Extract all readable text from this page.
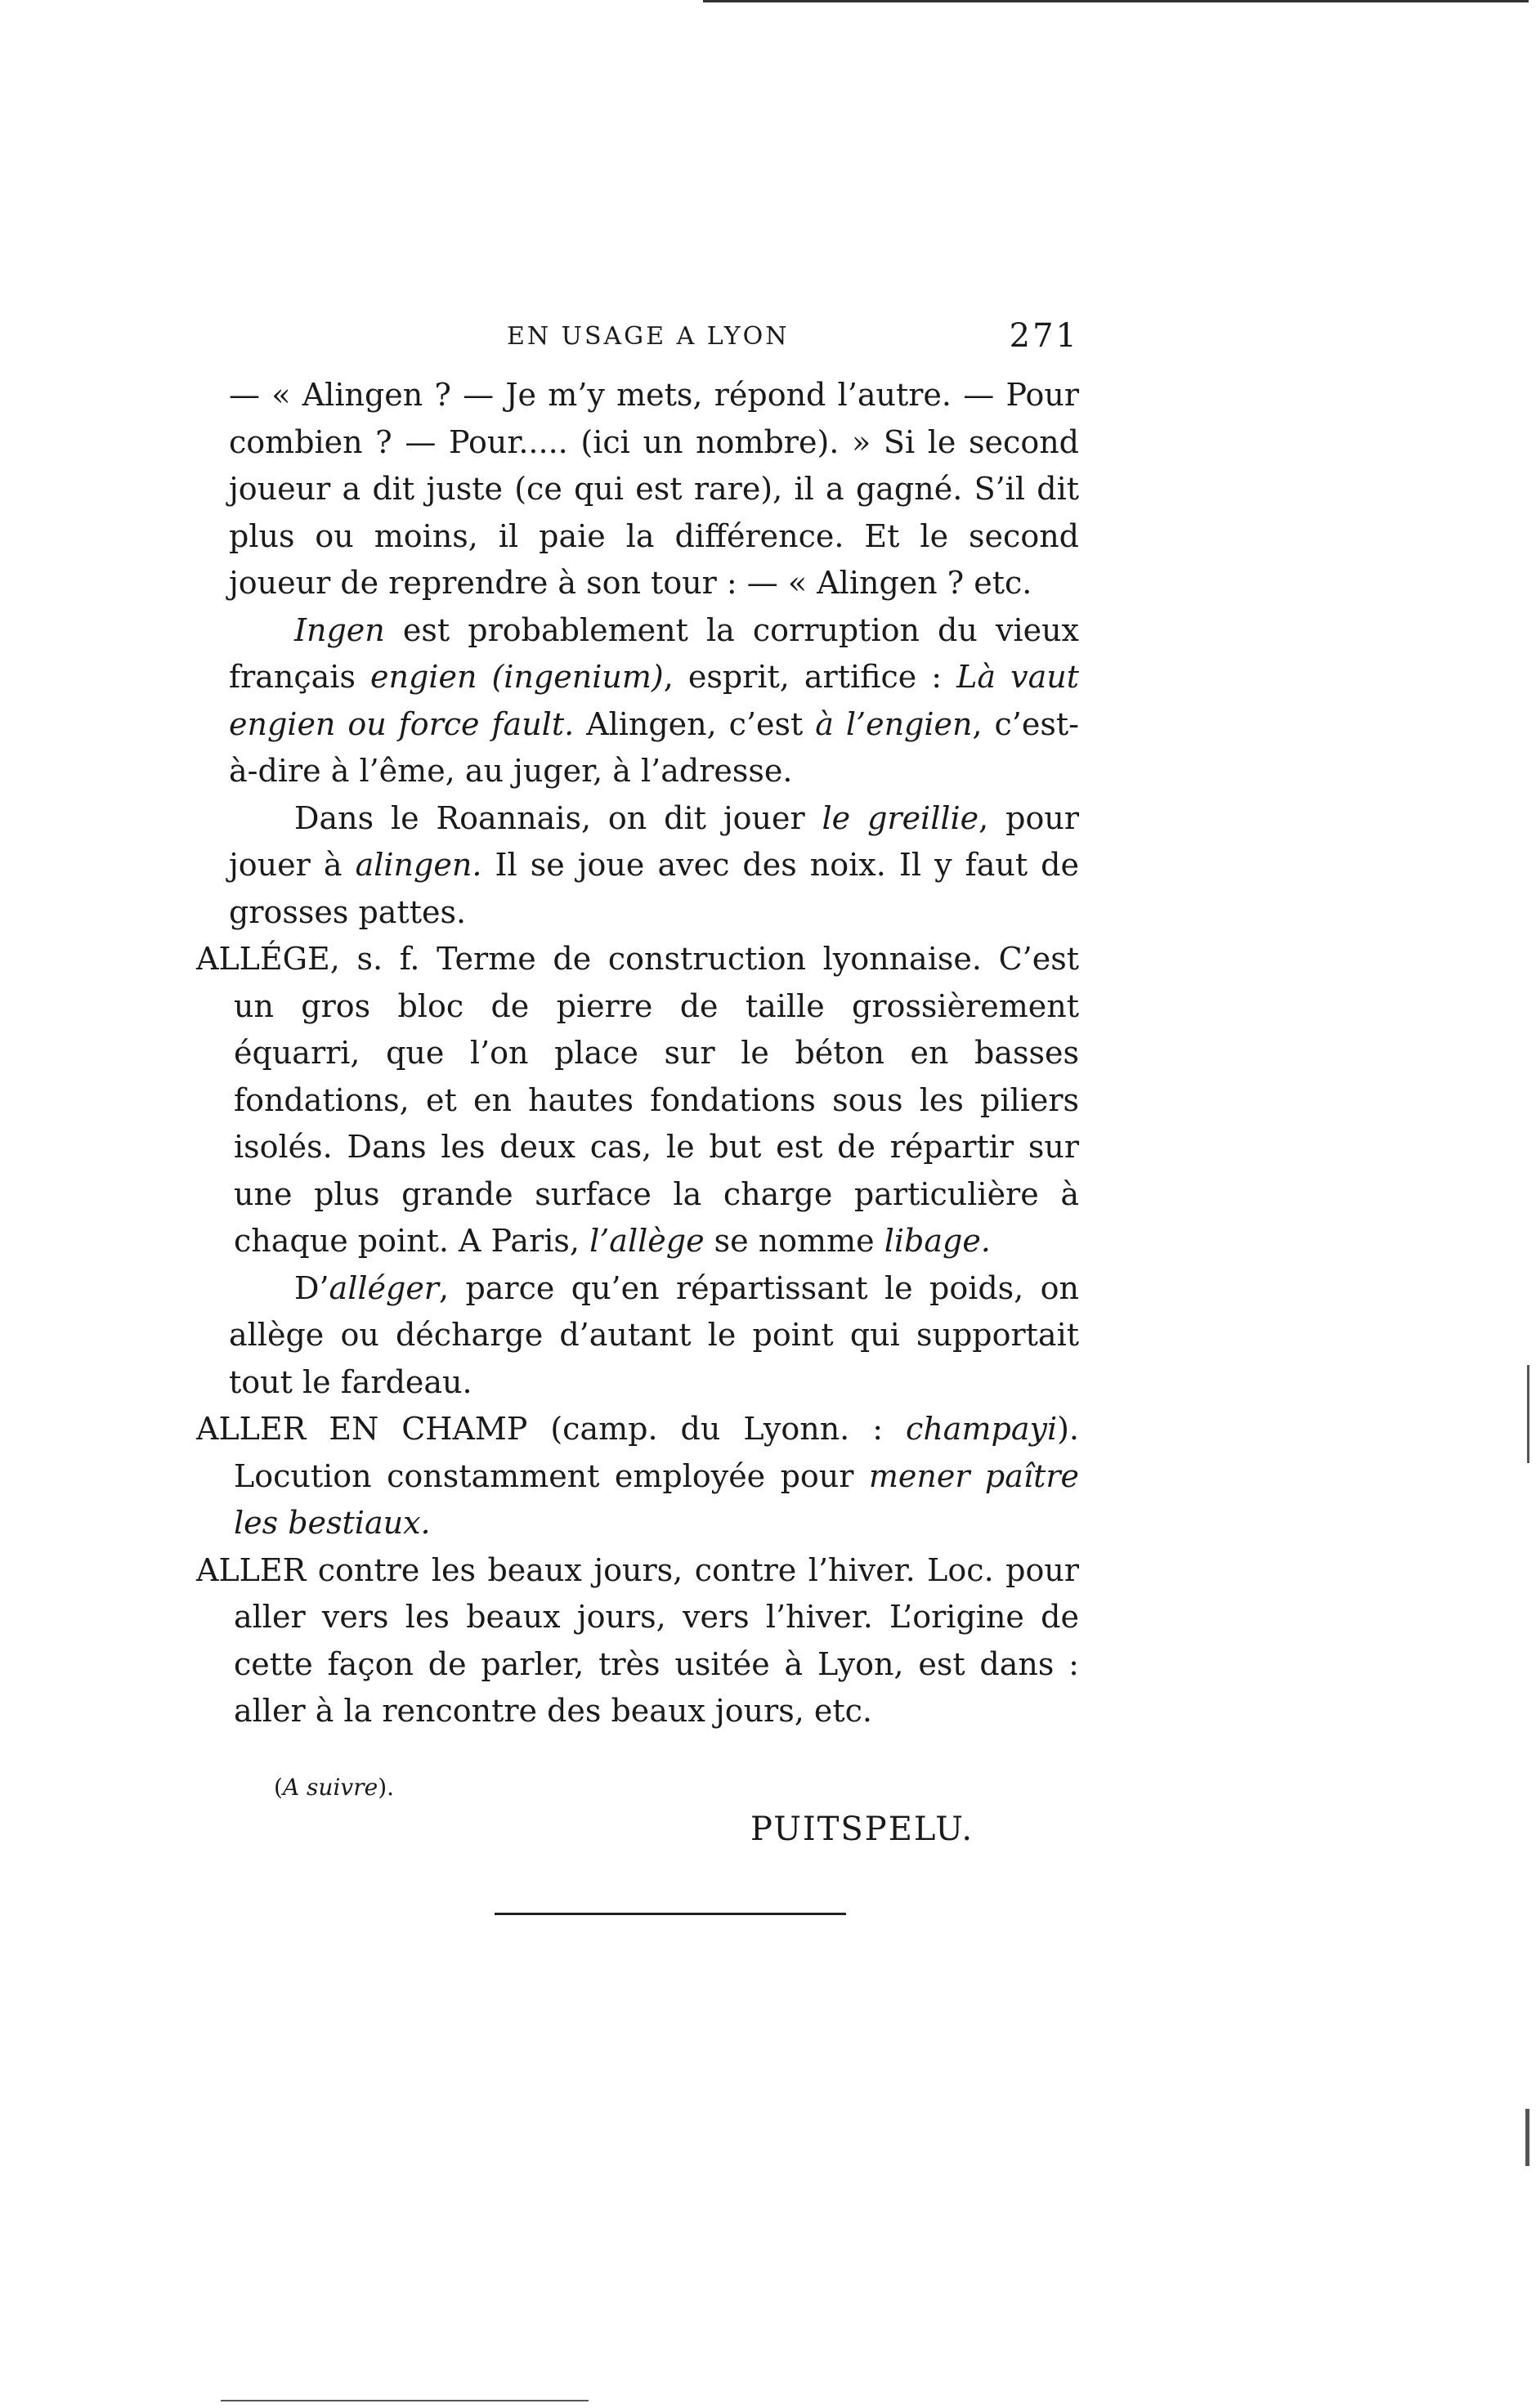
EN USAGE A LYON	271

— « Alingen ? — Je m’y mets, répond l’autre. — Pour combien ? — Pour..... (ici un nombre). » Si le second joueur a dit juste (ce qui est rare), il a gagné. S’il dit plus ou moins, il paie la différence. Et le second joueur de reprendre à son tour : — « Alingen ? etc.

Ingen est probablement la corruption du vieux français engien (ingenium), esprit, artifice : Là vaut engien ou force fault. Alingen, c’est à l’engien, c’est-à-dire à l’ême, au juger, à l’adresse.

Dans le Roannais, on dit jouer le greillie, pour jouer à alingen. Il se joue avec des noix. Il y faut de grosses pattes.

ALLÉGE, s. f. Terme de construction lyonnaise. C’est un gros bloc de pierre de taille grossièrement équarri, que l’on place sur le béton en basses fondations, et en hautes fondations sous les piliers isolés. Dans les deux cas, le but est de répartir sur une plus grande surface la charge particulière à chaque point. A Paris, l’allège se nomme libage.

D’alléger, parce qu’en répartissant le poids, on allège ou décharge d’autant le point qui supportait tout le fardeau.

ALLER EN CHAMP (camp. du Lyonn. : champayi). Locution constamment employée pour mener paître les bestiaux.

ALLER contre les beaux jours, contre l’hiver. Loc. pour aller vers les beaux jours, vers l’hiver. L’origine de cette façon de parler, très usitée à Lyon, est dans : aller à la rencontre des beaux jours, etc.

(A suivre).
PUITSPELU.
